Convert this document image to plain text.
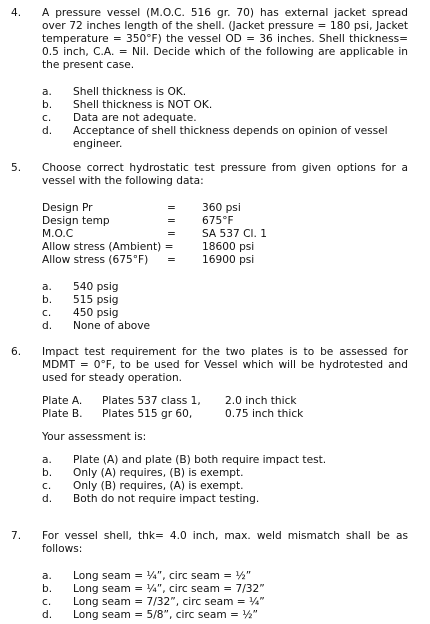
4. A pressure vessel (M.O.C. 516 gr. 70) has external jacket spread over 72 inches length of the shell. (Jacket pressure = 180 psi, Jacket temperature = 350°F) the vessel OD = 36 inches. Shell thickness= 0.5 inch, C.A. = Nil. Decide which of the following are applicable in the present case.

a.	Shell thickness is OK.
b.	Shell thickness is NOT OK.
c.	Data are not adequate.
d.	Acceptance of shell thickness depends on opinion of vessel engineer.
5. Choose correct hydrostatic test pressure from given options for a vessel with the following data:

Design Pr	=	360 psi
Design temp	=	675°F
M.O.C	=	SA 537 Cl. 1
Allow stress (Ambient) =	18600 psi
Allow stress (675°F)	=	16900 psi
a.	540 psig
b.	515 psig
c.	450 psig
d.	None of above
6. Impact test requirement for the two plates is to be assessed for MDMT = 0°F, to be used for Vessel which will be hydrotested and used for steady operation.

Plate A.	Plates 537 class 1,	2.0 inch thick
Plate B.	Plates 515 gr 60,	0.75 inch thick
Your assessment is:
a.	Plate (A) and plate (B) both require impact test.
b.	Only (A) requires, (B) is exempt.
c.	Only (B) requires, (A) is exempt.
d.	Both do not require impact testing.
7. For vessel shell, thk= 4.0 inch, max. weld mismatch shall be as follows:

a.	Long seam = ¼”, circ seam = ½”
b.	Long seam = ¼”, circ seam = 7/32”
c.	Long seam = 7/32”, circ seam = ¼”
d.	Long seam = 5/8”, circ seam = ½”
